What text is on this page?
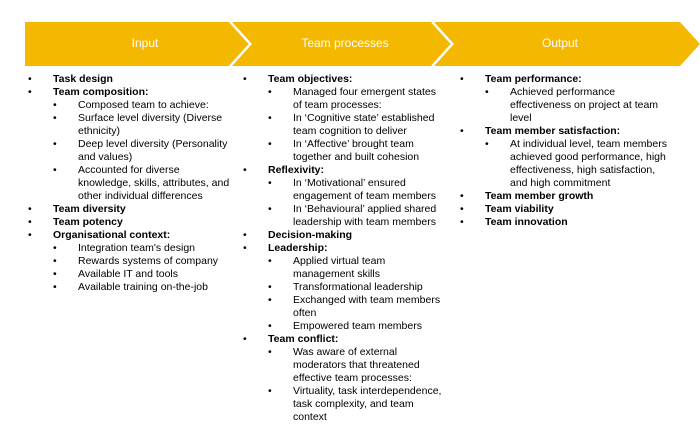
Input	Team processes	Output
• Task design
• Team composition:
• Composed team to achieve:
• Surface level diversity (Diverse ethnicity)
• Deep level diversity (Personality and values)
• Accounted for diverse knowledge, skills, attributes, and other individual differences
• Team diversity
• Team potency
• Organisational context:
• Integration team's design
• Rewards systems of company
• Available IT and tools
• Available training on-the-job
• Team objectives:
• Managed four emergent states of team processes:
• In ‘Cognitive state’ established team cognition to deliver
• In ‘Affective’ brought team together and built cohesion
• Reflexivity:
• In ‘Motivational’ ensured engagement of team members
• In ‘Behavioural’ applied shared leadership with team members
• Decision-making
• Leadership:
• Applied virtual team management skills
• Transformational leadership
• Exchanged with team members often
• Empowered team members
• Team conflict:
• Was aware of external moderators that threatened effective team processes:
• Virtuality, task interdependence, task complexity, and team context
• Team performance:
• Achieved performance effectiveness on project at team level
• Team member satisfaction:
• At individual level, team members achieved good performance, high effectiveness, high satisfaction, and high commitment
• Team member growth
• Team viability
• Team innovation
